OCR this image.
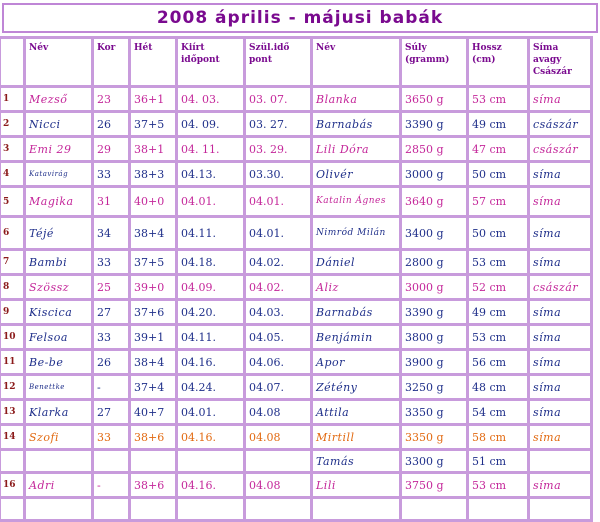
2008 április - májusi babák
	Név	Kor	Hét	Kiírt időpont	Szül.idő pont	Név	Súly (gramm)	Hossz (cm)	Síma avagy Császár
1	Mezső	23	36+1	04. 03.	03. 07.	Blanka	3650 g	53 cm	síma
2	Nicci	26	37+5	04. 09.	03. 27.	Barnabás	3390 g	49 cm	császár
3	Emi 29	29	38+1	04. 11.	03. 29.	Lili Dóra	2850 g	47 cm	császár
4	Katavirág	33	38+3	04.13.	03.30.	Olivér	3000 g	50 cm	síma
5	Magika	31	40+0	04.01.	04.01.	Katalin Ágnes	3640 g	57 cm	síma
6	Téjé	34	38+4	04.11.	04.01.	Nimród Milán	3400 g	50 cm	síma
7	Bambi	33	37+5	04.18.	04.02.	Dániel	2800 g	53 cm	síma
8	Szössz	25	39+0	04.09.	04.02.	Aliz	3000 g	52 cm	császár
9	Kiscica	27	37+6	04.20.	04.03.	Barnabás	3390 g	49 cm	síma
10	Felsoa	33	39+1	04.11.	04.05.	Benjámin	3800 g	53 cm	síma
11	Be-be	26	38+4	04.16.	04.06.	Apor	3900 g	56 cm	síma
12	Benettke	-	37+4	04.24.	04.07.	Zétény	3250 g	48 cm	síma
13	Klarka	27	40+7	04.01.	04.08	Attila	3350 g	54 cm	síma
14	Szofi	33	38+6	04.16.	04.08	Mirtill	3350 g	58 cm	síma
						Tamás	3300 g	51 cm	
16	Adri	-	38+6	04.16.	04.08	Lili	3750 g	53 cm	síma
